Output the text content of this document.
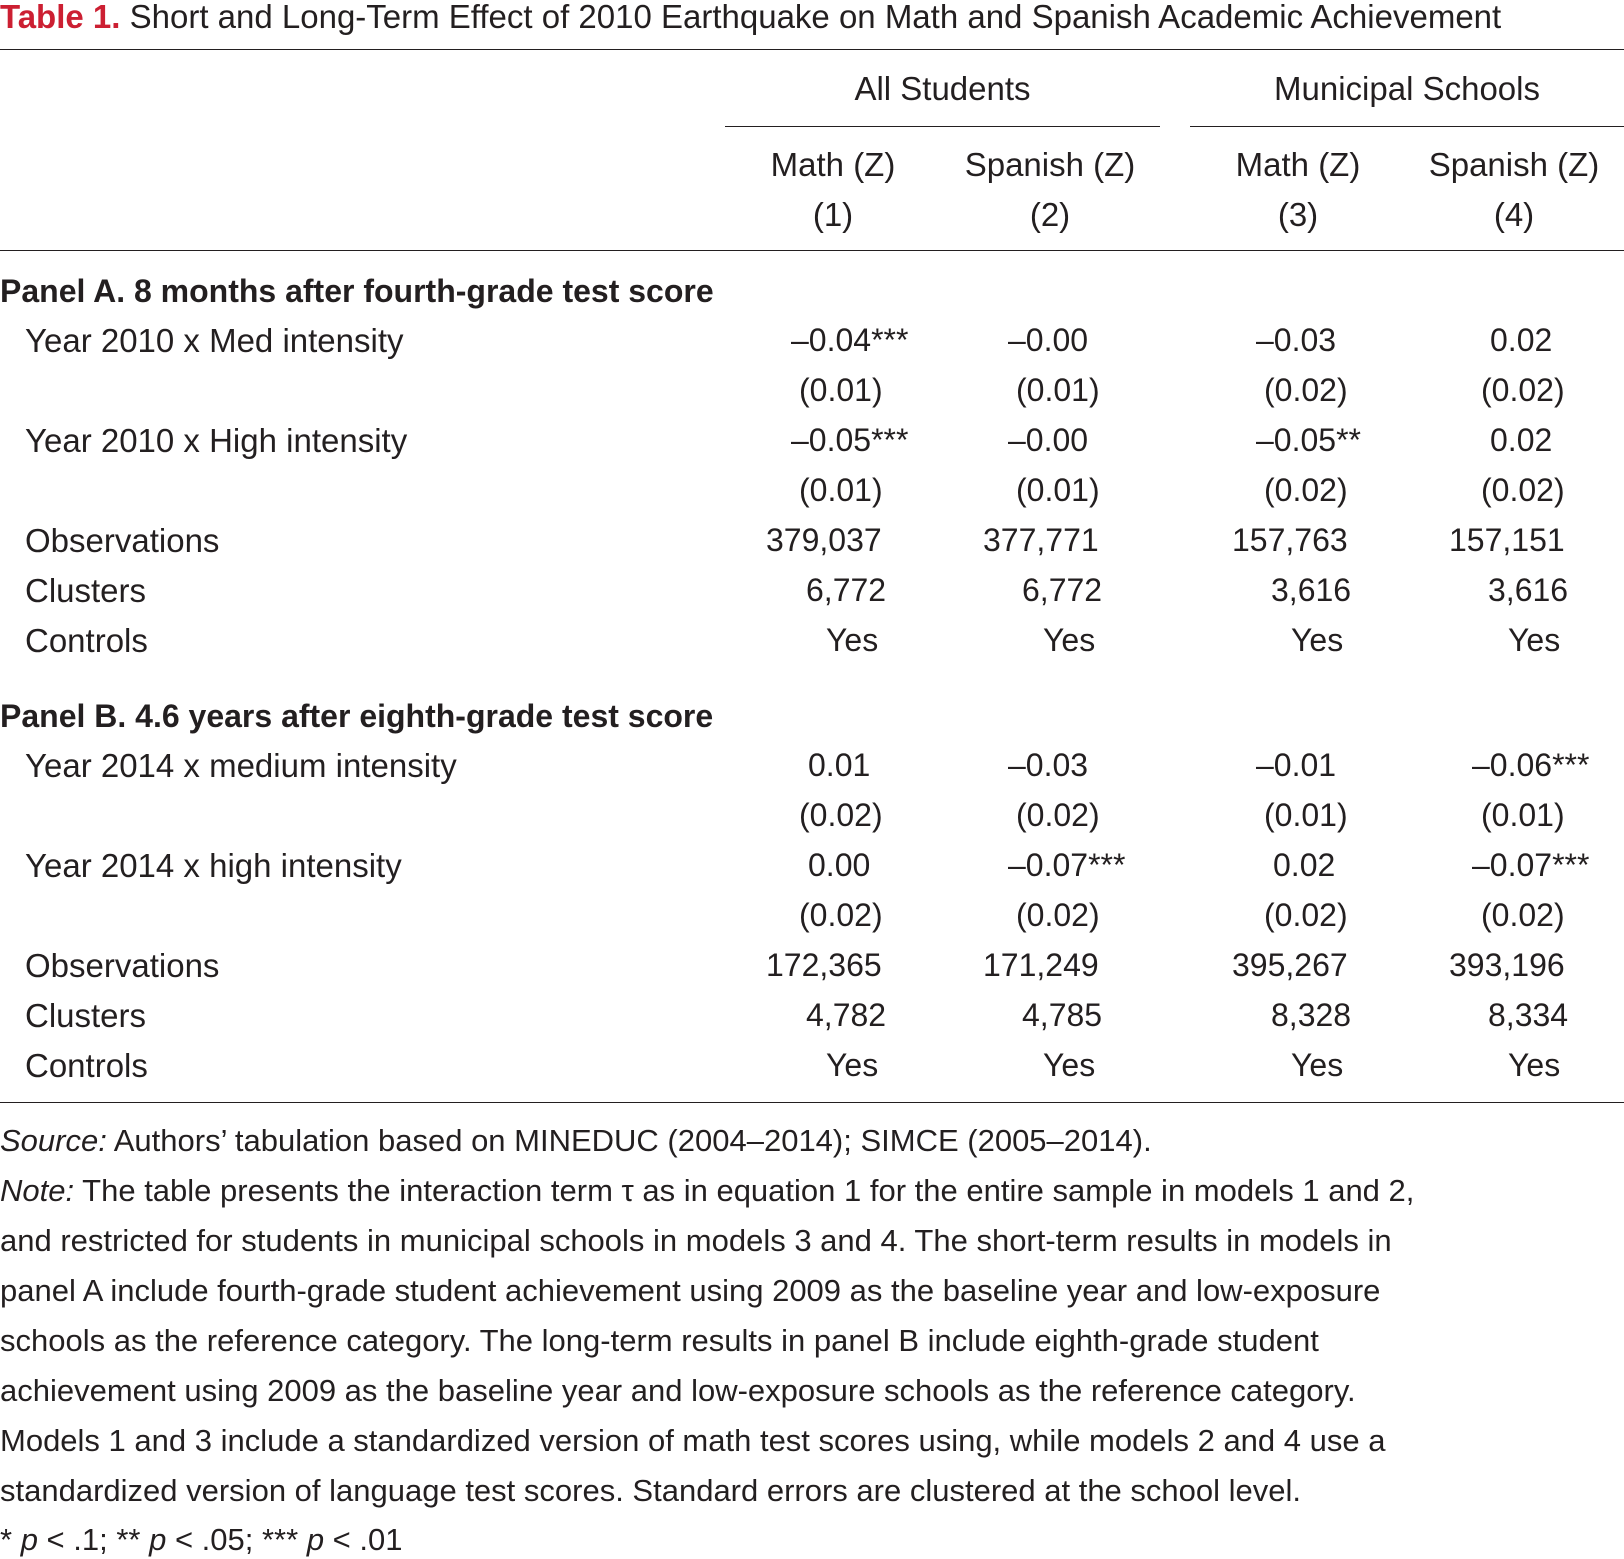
Table 1. Short and Long-Term Effect of 2010 Earthquake on Math and Spanish Academic Achievement
All Students	Municipal Schools
Math (Z)	Spanish (Z)	Math (Z)	Spanish (Z)
(1)	(2)	(3)	(4)
Panel A. 8 months after fourth-grade test score
Year 2010 x Med intensity	–0.04***	–0.00	–0.03	0.02
(0.01)	(0.01)	(0.02)	(0.02)
Year 2010 x High intensity	–0.05***	–0.00	–0.05**	0.02
(0.01)	(0.01)	(0.02)	(0.02)
Observations	379,037	377,771	157,763	157,151
Clusters	6,772	6,772	3,616	3,616
Controls	Yes	Yes	Yes	Yes
Panel B. 4.6 years after eighth-grade test score
Year 2014 x medium intensity	0.01	–0.03	–0.01	–0.06***
(0.02)	(0.02)	(0.01)	(0.01)
Year 2014 x high intensity	0.00	–0.07***	0.02	–0.07***
(0.02)	(0.02)	(0.02)	(0.02)
Observations	172,365	171,249	395,267	393,196
Clusters	4,782	4,785	8,328	8,334
Controls	Yes	Yes	Yes	Yes
Source: Authors’ tabulation based on MINEDUC (2004–2014); SIMCE (2005–2014).
Note: The table presents the interaction term τ as in equation 1 for the entire sample in models 1 and 2,
and restricted for students in municipal schools in models 3 and 4. The short-term results in models in
panel A include fourth-grade student achievement using 2009 as the baseline year and low-exposure
schools as the reference category. The long-term results in panel B include eighth-grade student
achievement using 2009 as the baseline year and low-exposure schools as the reference category.
Models 1 and 3 include a standardized version of math test scores using, while models 2 and 4 use a
standardized version of language test scores. Standard errors are clustered at the school level.
* p < .1; ** p < .05; *** p < .01
